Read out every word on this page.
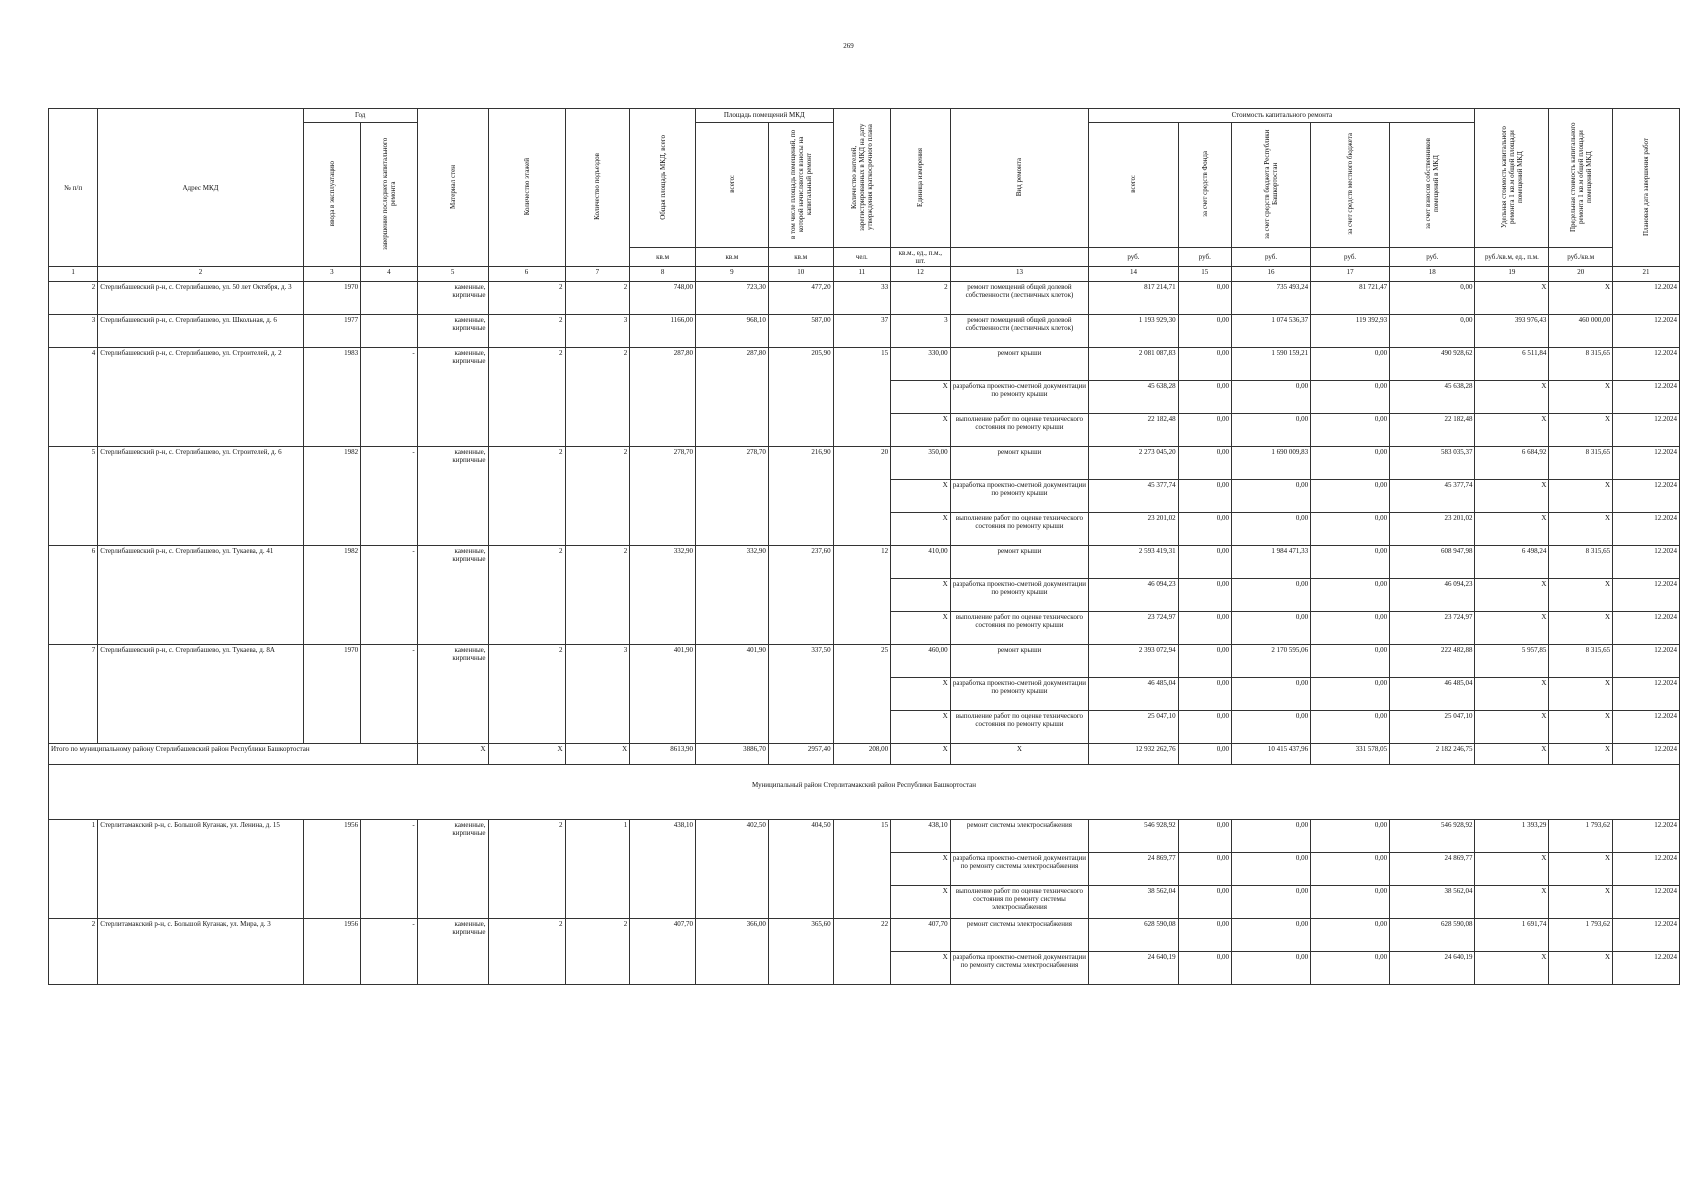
269
№ п/п	Адрес МКД	Год		Материал стен	Количество этажей	Количество подъездов	Общая площадь МКД, всего	Площадь помещений МКД		Количество жителей, зарегистрированных в МКД на дату утверждения краткосрочного плана	Единица измерения	Вид ремонта	Стоимость капитального ремонта					Удельная стоимость капитального ремонта 1 кв.м общей площади помещений МКД	Предельная стоимость капитального ремонта 1 кв.м общей площади помещений МКД	Плановая дата завершения работ
		ввода в эксплуатацию	завершение последнего капитального ремонта					всего:	в том числе площадь помещений, по которой начисляются взносы на капитальный ремонт				всего:	за счет средств Фонда	за счет средств бюджета Республики Башкортостан	за счет средств местного бюджета	за счет взносов собственников помещений в МКД			
							кв.м	кв.м	кв.м	чел.	кв.м., ед., п.м., шт.		руб.	руб.	руб.	руб.	руб.	руб./кв.м, ед., п.м.	руб./кв.м	
1	2	3	4	5	6	7	8	9	10	11	12	13	14	15	16	17	18	19	20	21
2	Стерлибашевский р-н, с. Стерлибашево, ул. 50 лет Октября, д. 3	1970		каменные, кирпичные	2	2	748,00	723,30	477,20	33	2	ремонт помещений общей долевой собственности (лестничных клеток)	817 214,71	0,00	735 493,24	81 721,47	0,00	X	X	12.2024
3	Стерлибашевский р-н, с. Стерлибашево, ул. Школьная, д. 6	1977		каменные, кирпичные	2	3	1166,00	968,10	587,00	37	3	ремонт помещений общей долевой собственности (лестничных клеток)	1 193 929,30	0,00	1 074 536,37	119 392,93	0,00	393 976,43	460 000,00	12.2024
4	Стерлибашевский р-н, с. Стерлибашево, ул. Строителей, д. 2	1983	-	каменные, кирпичные	2	2	287,80	287,80	205,90	15	330,00	ремонт крыши	2 081 087,83	0,00	1 590 159,21	0,00	490 928,62	6 511,84	8 315,65	12.2024
											X	разработка проектно-сметной документации по ремонту крыши	45 638,28	0,00	0,00	0,00	45 638,28	X	X	12.2024
											X	выполнение работ по оценке технического состояния по ремонту крыши	22 182,48	0,00	0,00	0,00	22 182,48	X	X	12.2024
5	Стерлибашевский р-н, с. Стерлибашево, ул. Строителей, д. 6	1982	-	каменные, кирпичные	2	2	278,70	278,70	216,90	20	350,00	ремонт крыши	2 273 045,20	0,00	1 690 009,83	0,00	583 035,37	6 684,92	8 315,65	12.2024
											X	разработка проектно-сметной документации по ремонту крыши	45 377,74	0,00	0,00	0,00	45 377,74	X	X	12.2024
											X	выполнение работ по оценке технического состояния по ремонту крыши	23 201,02	0,00	0,00	0,00	23 201,02	X	X	12.2024
6	Стерлибашевский р-н, с. Стерлибашево, ул. Тукаева, д. 41	1982	-	каменные, кирпичные	2	2	332,90	332,90	237,60	12	410,00	ремонт крыши	2 593 419,31	0,00	1 984 471,33	0,00	608 947,98	6 498,24	8 315,65	12.2024
											X	разработка проектно-сметной документации по ремонту крыши	46 094,23	0,00	0,00	0,00	46 094,23	X	X	12.2024
											X	выполнение работ по оценке технического состояния по ремонту крыши	23 724,97	0,00	0,00	0,00	23 724,97	X	X	12.2024
7	Стерлибашевский р-н, с. Стерлибашево, ул. Тукаева, д. 8А	1970	-	каменные, кирпичные	2	3	401,90	401,90	337,50	25	460,00	ремонт крыши	2 393 072,94	0,00	2 170 595,06	0,00	222 482,88	5 957,85	8 315,65	12.2024
											X	разработка проектно-сметной документации по ремонту крыши	46 485,04	0,00	0,00	0,00	46 485,04	X	X	12.2024
											X	выполнение работ по оценке технического состояния по ремонту крыши	25 047,10	0,00	0,00	0,00	25 047,10	X	X	12.2024
Итого по муниципальному району Стерлибашевский район Республики Башкортостан				X	X	X	8613,90	3886,70	2957,40	208,00	X	X	12 932 262,76	0,00	10 415 437,96	331 578,05	2 182 246,75	X	X	12.2024
Муниципальный район Стерлитамакский район Республики Башкортостан																				
1	Стерлитамакский р-н, с. Большой Куганак, ул. Ленина, д. 15	1956	-	каменные, кирпичные	2	1	438,10	402,50	404,50	15	438,10	ремонт системы электроснабжения	546 928,92	0,00	0,00	0,00	546 928,92	1 393,29	1 793,62	12.2024
											X	разработка проектно-сметной документации по ремонту системы электроснабжения	24 869,77	0,00	0,00	0,00	24 869,77	X	X	12.2024
											X	выполнение работ по оценке технического состояния по ремонту системы электроснабжения	38 562,04	0,00	0,00	0,00	38 562,04	X	X	12.2024
2	Стерлитамакский р-н, с. Большой Куганак, ул. Мира, д. 3	1956	-	каменные, кирпичные	2	2	407,70	366,00	365,60	22	407,70	ремонт системы электроснабжения	628 590,08	0,00	0,00	0,00	628 590,08	1 691,74	1 793,62	12.2024
											X	разработка проектно-сметной документации по ремонту системы электроснабжения	24 640,19	0,00	0,00	0,00	24 640,19	X	X	12.2024
